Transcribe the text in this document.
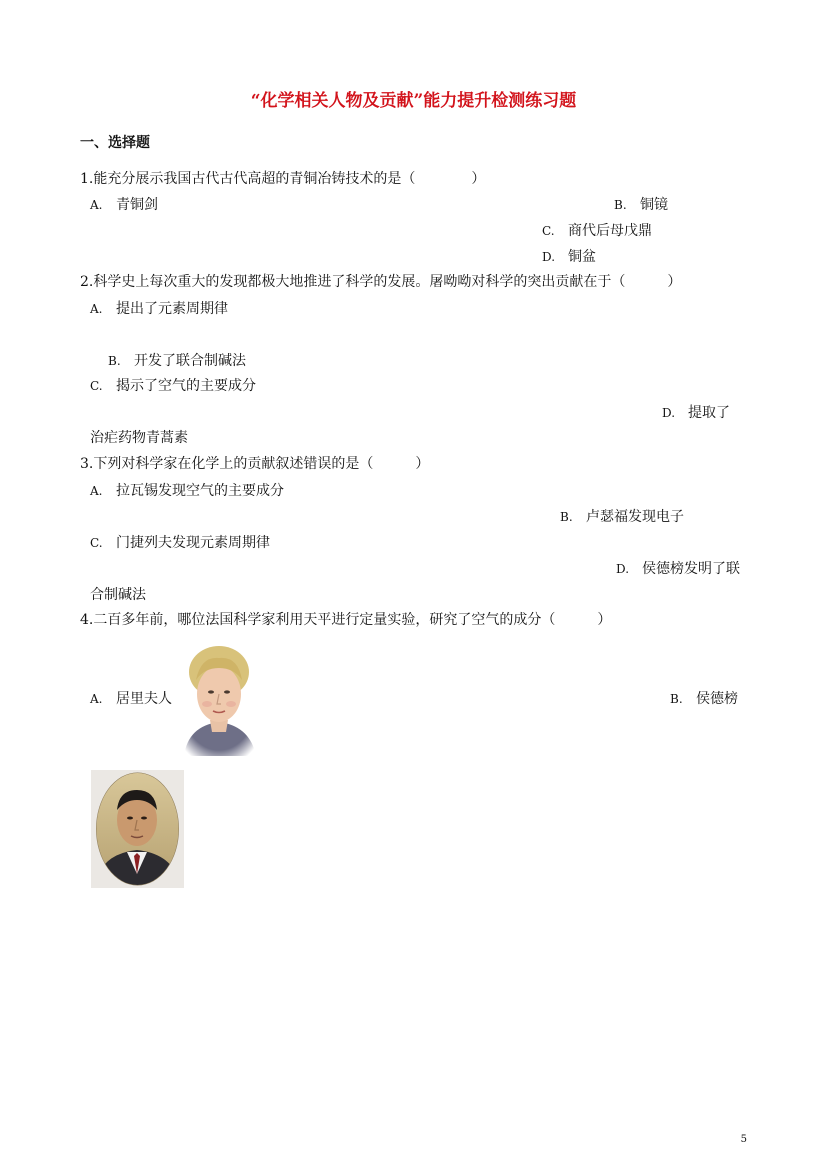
“化学相关人物及贡献”能力提升检测练习题
一、选择题
1.能充分展示我国古代古代高超的青铜冶铸技术的是（　　　　）
A. 青铜剑	B. 铜镜
C. 商代后母戊鼎
D. 铜盆
2.科学史上每次重大的发现都极大地推进了科学的发展。屠呦呦对科学的突出贡献在于（　　　）
A. 提出了元素周期律
B. 开发了联合制碱法
C. 揭示了空气的主要成分
D. 提取了
治疟药物青蒿素
3.下列对科学家在化学上的贡献叙述错误的是（　　　）
A. 拉瓦锡发现空气的主要成分
B. 卢瑟福发现电子
C. 门捷列夫发现元素周期律
D. 侯德榜发明了联
合制碱法
4.二百多年前，哪位法国科学家利用天平进行定量实验，研究了空气的成分（　　　）
A. 居里夫人	B. 侯德榜
5
